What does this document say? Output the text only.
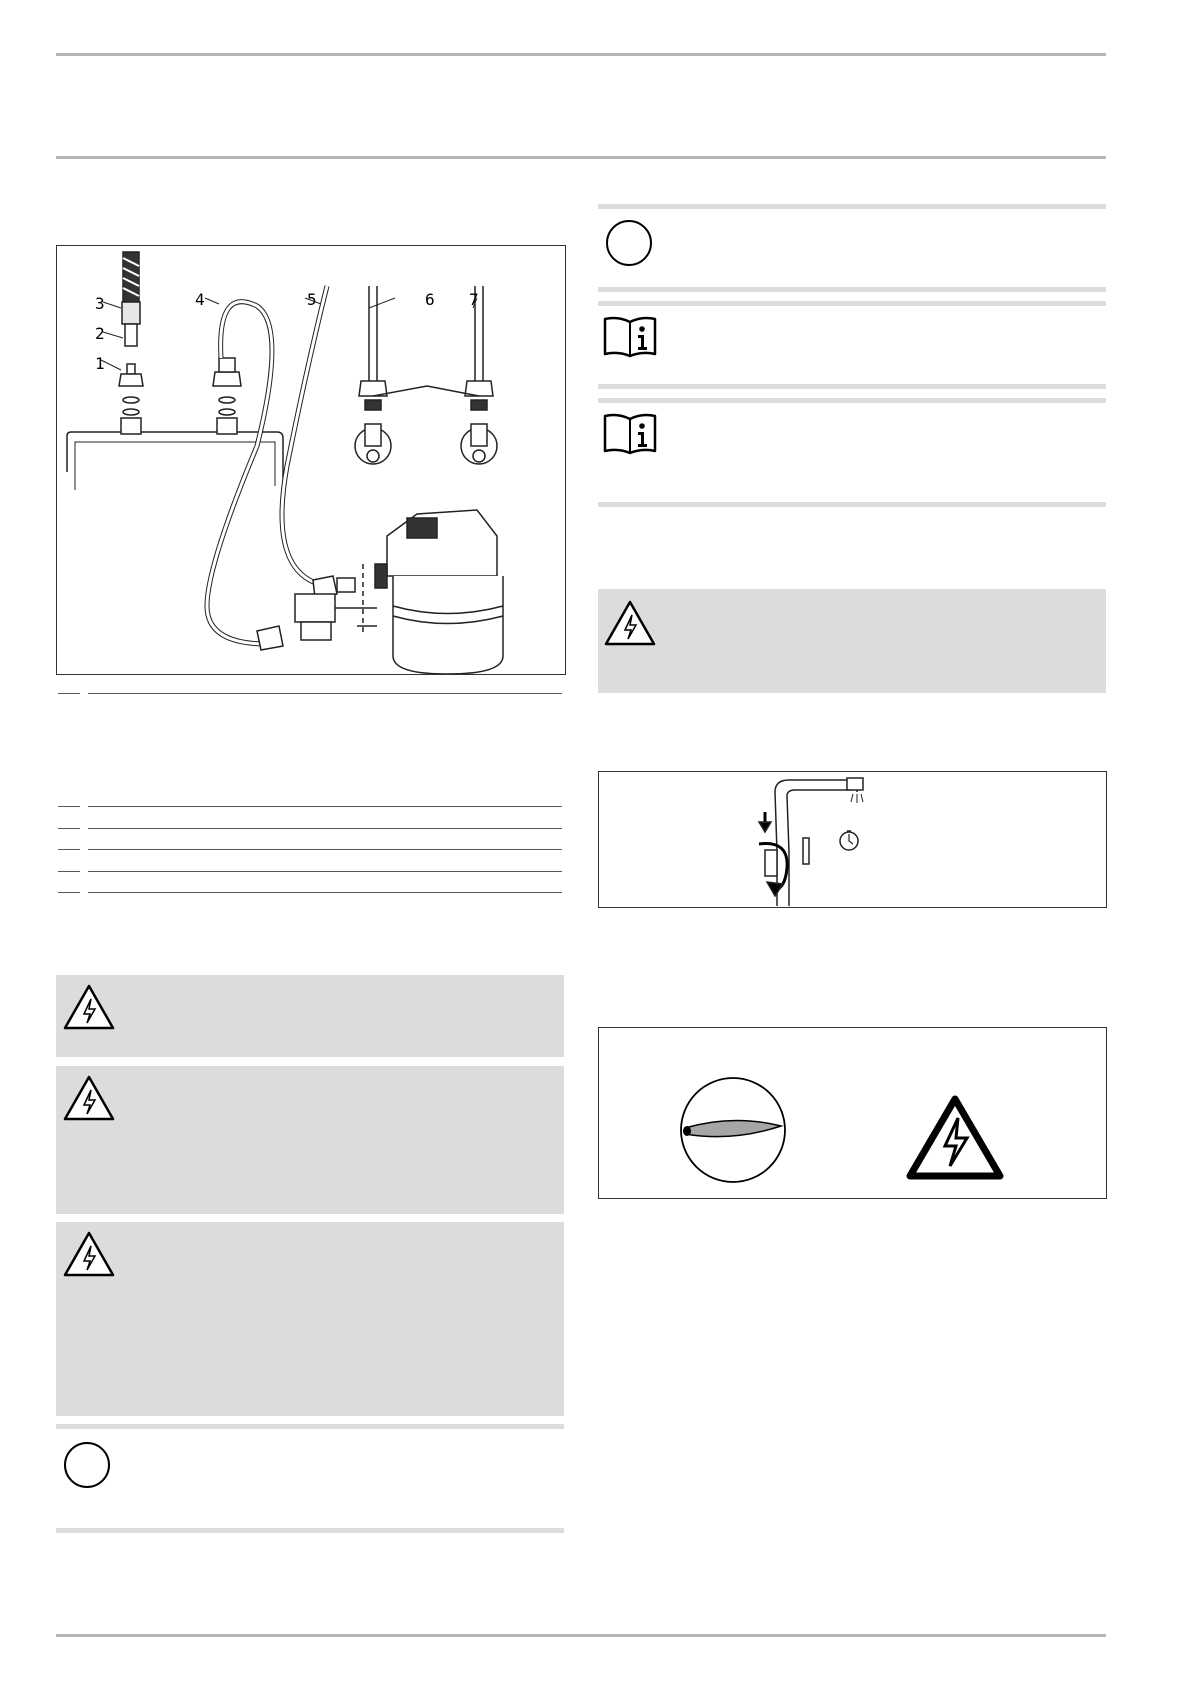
3
2
1
4	5	6 7
